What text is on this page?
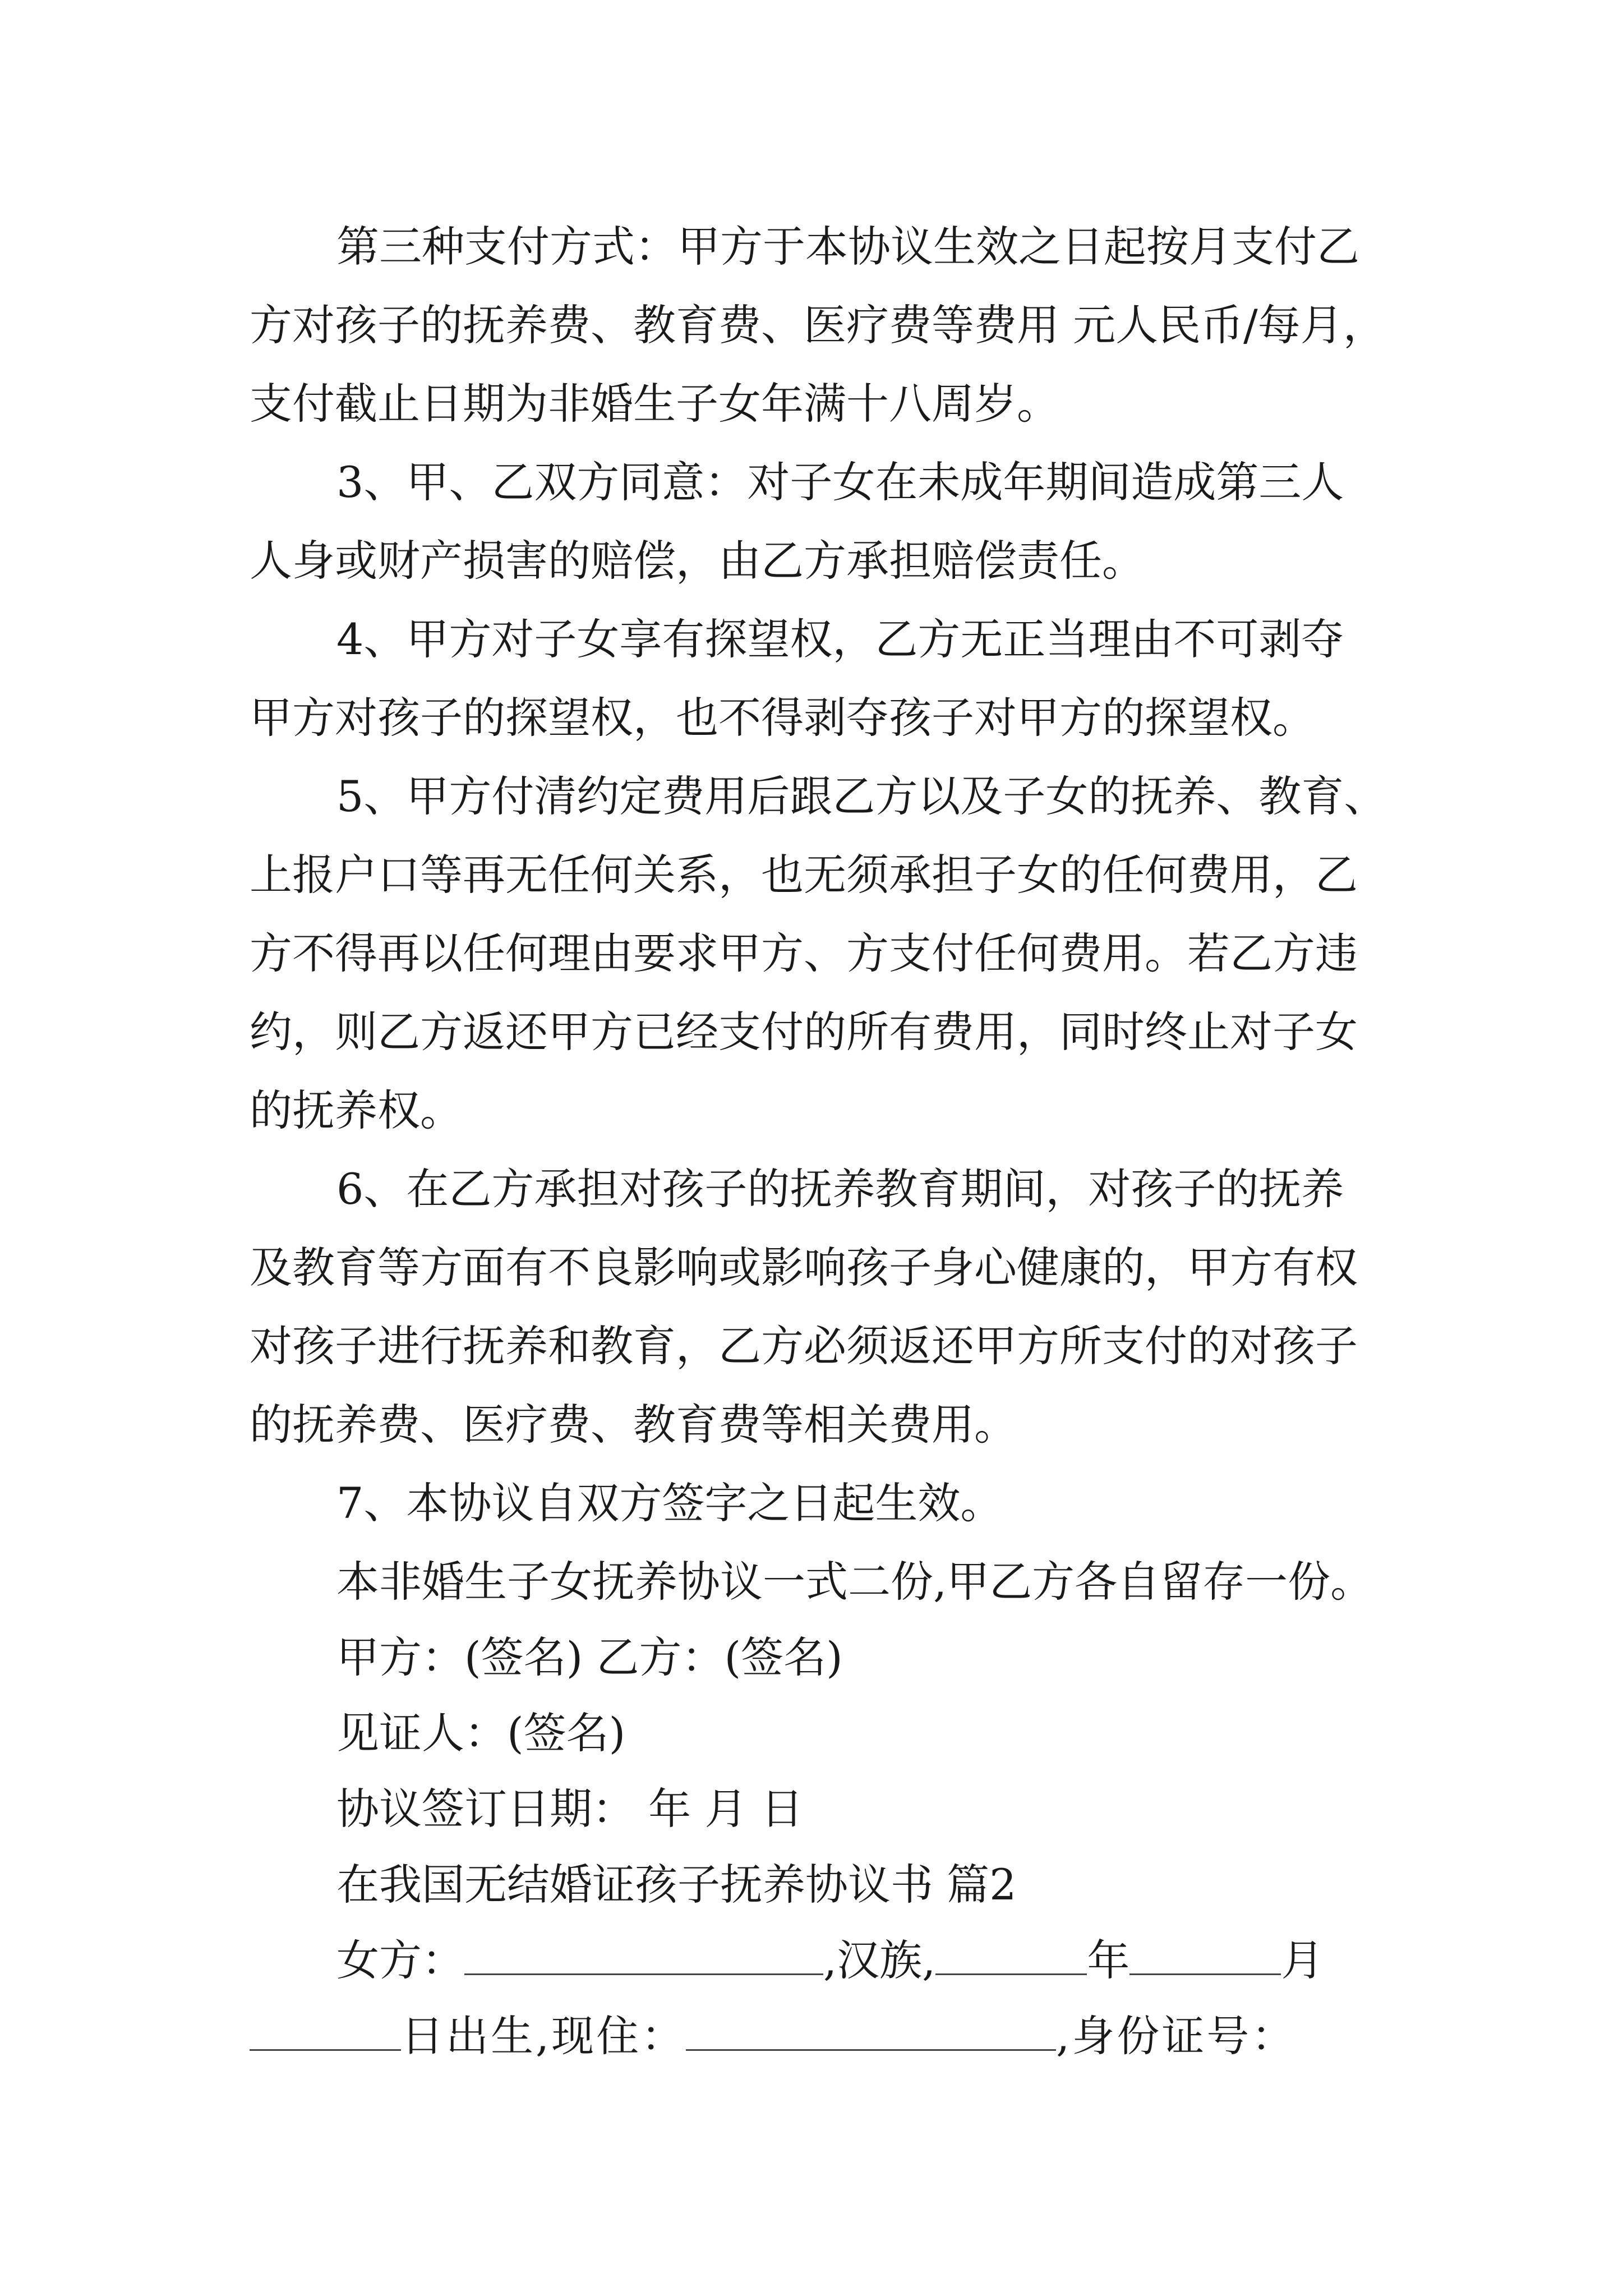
第三种支付方式：甲方于本协议生效之日起按月支付乙
方对孩子的抚养费、教育费、医疗费等费用 元人民币/每月，
支付截止日期为非婚生子女年满十八周岁。
3、甲、乙双方同意：对子女在未成年期间造成第三人
人身或财产损害的赔偿，由乙方承担赔偿责任。
4、甲方对子女享有探望权，乙方无正当理由不可剥夺
甲方对孩子的探望权，也不得剥夺孩子对甲方的探望权。
5、甲方付清约定费用后跟乙方以及子女的抚养、教育、
上报户口等再无任何关系，也无须承担子女的任何费用，乙
方不得再以任何理由要求甲方、方支付任何费用。若乙方违
约，则乙方返还甲方已经支付的所有费用，同时终止对子女
的抚养权。
6、在乙方承担对孩子的抚养教育期间，对孩子的抚养
及教育等方面有不良影响或影响孩子身心健康的，甲方有权
对孩子进行抚养和教育，乙方必须返还甲方所支付的对孩子
的抚养费、医疗费、教育费等相关费用。
7、本协议自双方签字之日起生效。
本非婚生子女抚养协议一式二份,甲乙方各自留存一份。
甲方：(签名) 乙方：(签名)
见证人：(签名)
协议签订日期： 年 月 日
在我国无结婚证孩子抚养协议书 篇2
女方：	,汉族,	年	月
日出生,现住：	,身份证号：
